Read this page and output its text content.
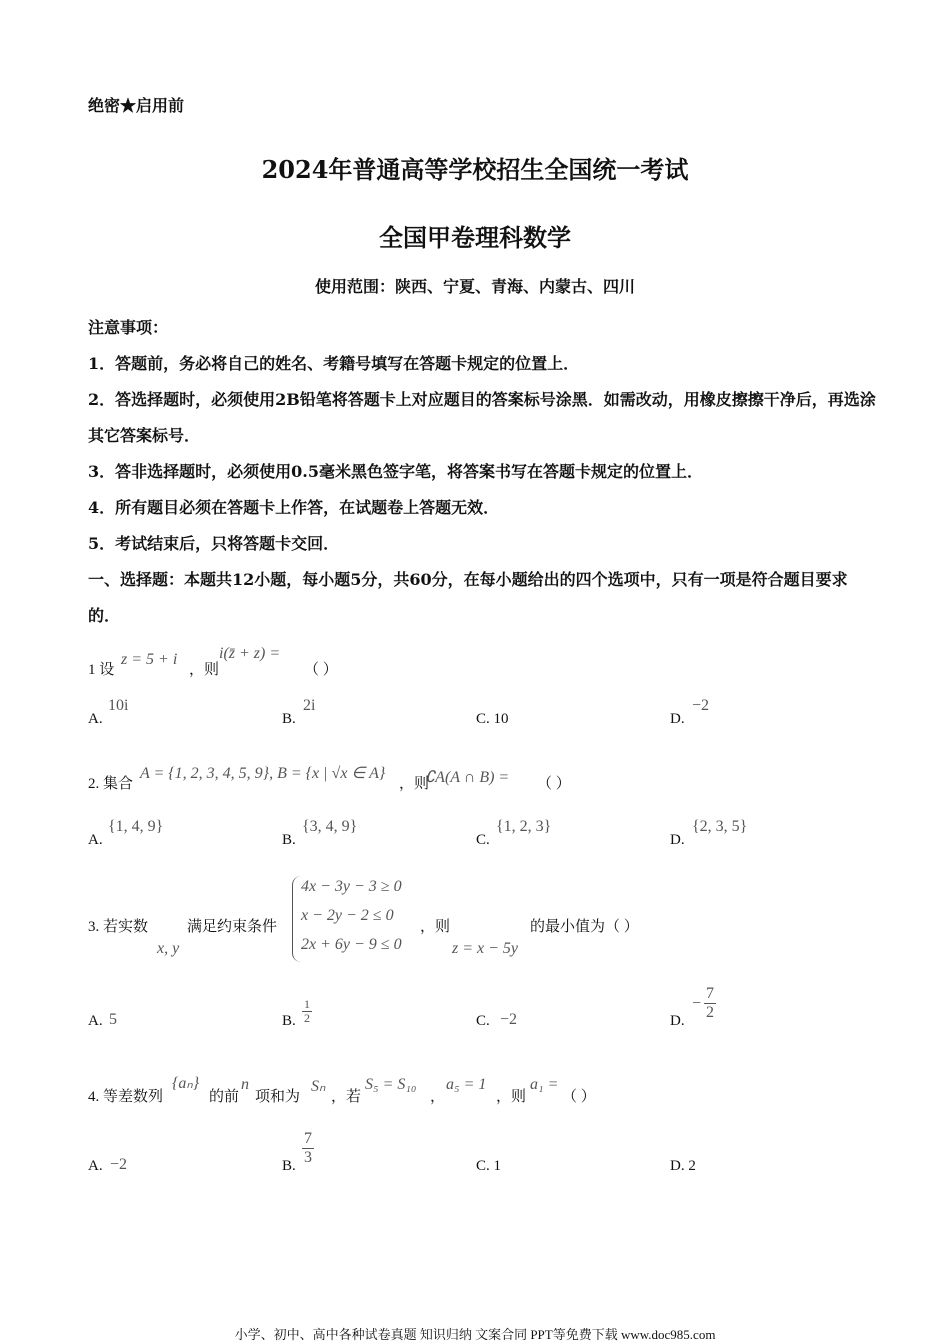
绝密★启用前
2024年普通高等学校招生全国统一考试
全国甲卷理科数学
使用范围：陕西、宁夏、青海、内蒙古、四川

注意事项：

1．答题前，务必将自己的姓名、考籍号填写在答题卡规定的位置上．

2．答选择题时，必须使用2B铅笔将答题卡上对应题目的答案标号涂黑．如需改动，用橡皮擦擦干净后，再选涂其它答案标号．

3．答非选择题时，必须使用0.5毫米黑色签字笔，将答案书写在答题卡规定的位置上．

4．所有题目必须在答题卡上作答，在试题卷上答题无效．

5．考试结束后，只将答题卡交回．

一、选择题：本题共12小题，每小题5分，共60分，在每小题给出的四个选项中，只有一项是符合题目要求的．

1 设
z = 5 + i
，则
i(z̄ + z) =
（ ）
A.
10i
B.
2i
C. 10	D.
−2
2. 集合
A = {1, 2, 3, 4, 5, 9}, B = {x | √x ∈ A}
，则
∁A(A ∩ B) = （ ）
A.
{1, 4, 9}
B.
{3, 4, 9}
C.
{1, 2, 3}
D.
{2, 3, 5}
3. 若实数
x, y
满足约束条件
4x − 3y − 3 ≥ 0
x − 2y − 2 ≤ 0
2x + 6y − 9 ≤ 0
，则
z = x − 5y
的最小值为（ ）
A. 5	B. $\frac{1}{2}$	C. −2	D.
− $\frac{7}{2}$
4. 等差数列
{aₙ}
的前
n
项和为
Sₙ
，若
S₅ = S₁₀
，
a₅ = 1
，则
a₁ =
（ ）
A. −2	B. $\frac{7}{3}$	C. 1	D. 2
小学、初中、高中各种试卷真题 知识归纳 文案合同 PPT等免费下载 www.doc985.com
